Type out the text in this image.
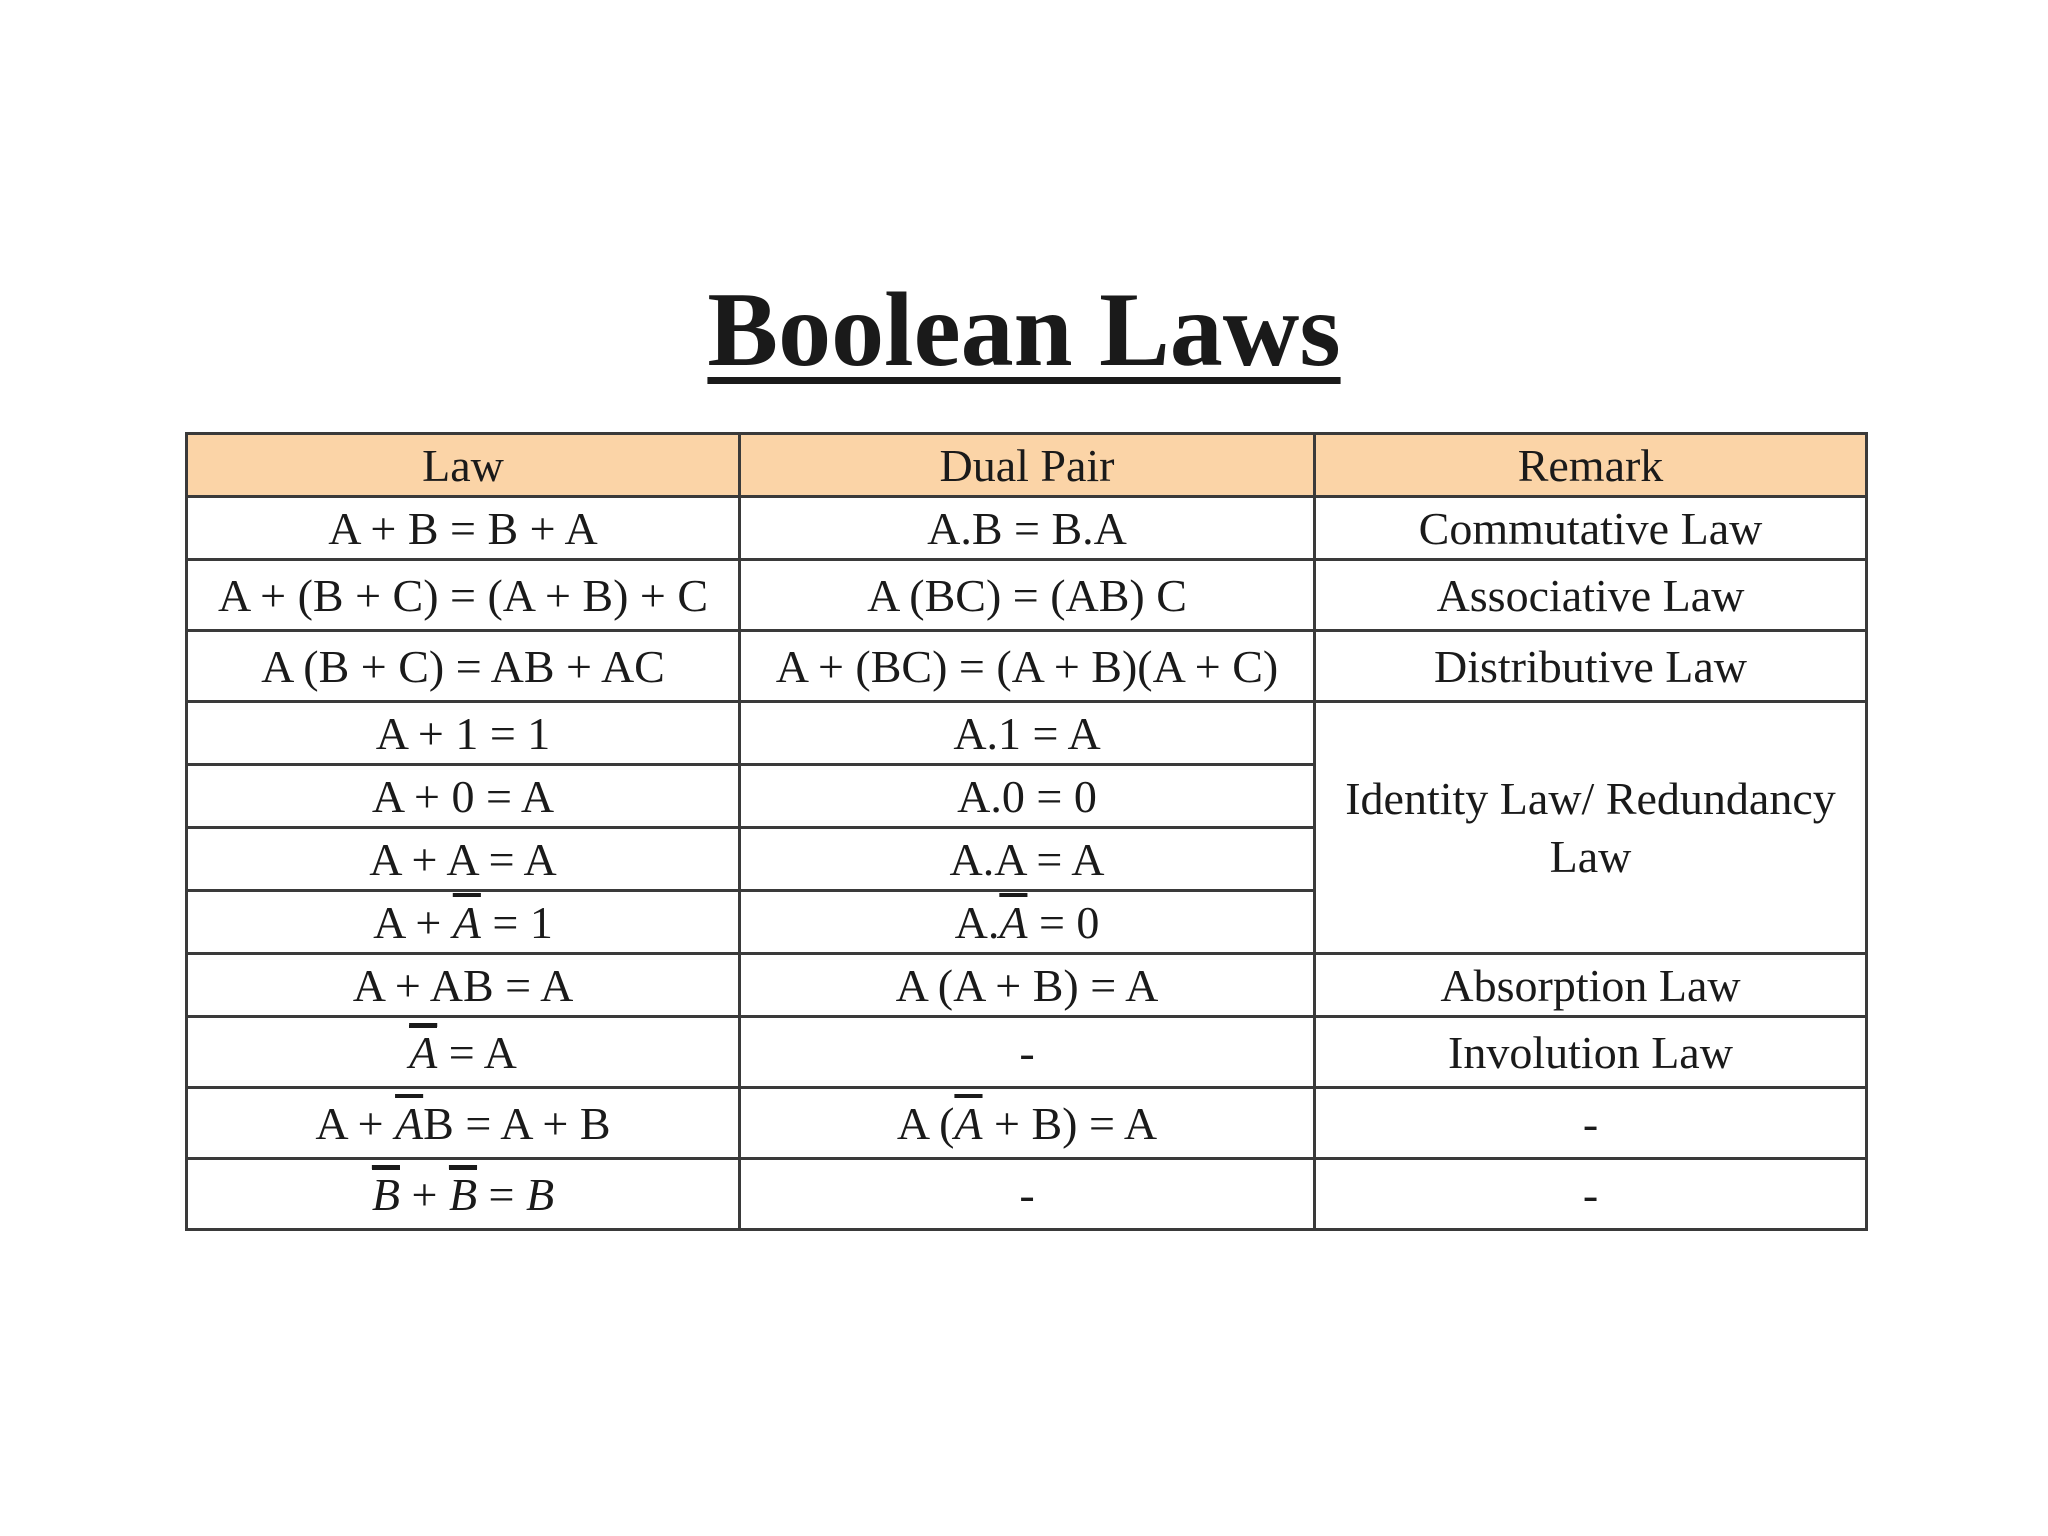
Boolean Laws
Law	Dual Pair	Remark
A + B = B + A	A.B = B.A	Commutative Law
A + (B + C) = (A + B) + C	A (BC) = (AB) C	Associative Law
A (B + C) = AB + AC	A + (BC) = (A + B)(A + C)	Distributive Law
A + 1 = 1	A.1 = A	Identity Law/ Redundancy Law
A + 0 = A	A.0 = 0	
A + A = A	A.A = A	
$A + \overline{A} = 1$	$A.\overline{A} = 0$	
A + AB = A	A (A + B) = A	Absorption Law
$\overline{A} = A$	-	Involution Law
$A + \overline{A}B = A + B$	A $(\overline{A} + B) = A$	-
$\overline{B} + \overline{B} = B$	-	-
